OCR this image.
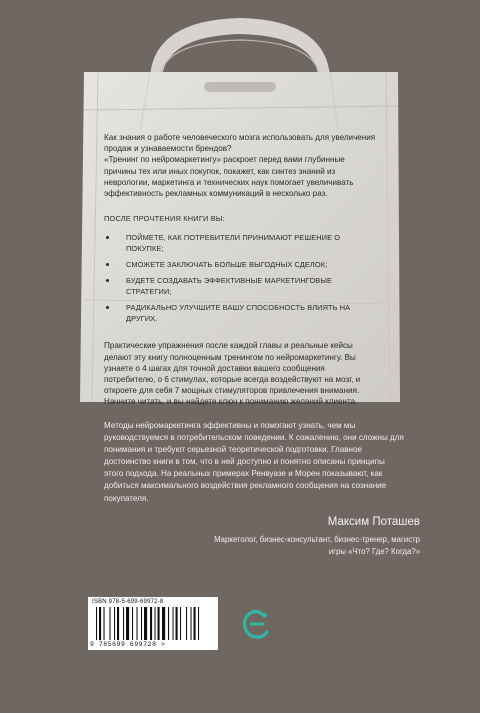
Как знания о работе человеческого мозга использовать для увеличения продаж и узнаваемости брендов?

«Тренинг по нейромаркетингу» раскроет перед вами глубинные причины тех или иных покупок, покажет, как синтез знаний из неврологии, маркетинга и технических наук помогает увеличивать эффективность рекламных коммуникаций в несколько раз.

ПОСЛЕ ПРОЧТЕНИЯ КНИГИ ВЫ:

ПОЙМЕТЕ, КАК ПОТРЕБИТЕЛИ ПРИНИМАЮТ РЕШЕНИЕ О ПОКУПКЕ;
СМОЖЕТЕ ЗАКЛЮЧАТЬ БОЛЬШЕ ВЫГОДНЫХ СДЕЛОК;
БУДЕТЕ СОЗДАВАТЬ ЭФФЕКТИВНЫЕ МАРКЕТИНГОВЫЕ СТРАТЕГИИ;
РАДИКАЛЬНО УЛУЧШИТЕ ВАШУ СПОСОБНОСТЬ ВЛИЯТЬ НА ДРУГИХ.

Практические упражнения после каждой главы и реальные кейсы делают эту книгу полноценным тренингом по нейромаркетингу. Вы узнаете о 4 шагах для точной доставки вашего сообщения потребителю, о 6 стимулах, которые всегда воздействуют на мозг, и откроете для себя 7 мощных стимуляторов привлечения внимания. Начните читать, и вы найдете ключ к пониманию желаний клиента.

Методы нейромаркетинга эффективны и помогают узнать, чем мы руководствуемся в потребительском поведении. К сожалению, они сложны для понимания и требуют серьезной теоретической подготовки. Главное достоинство книги в том, что в ней доступно и понятно описаны принципы этого подхода. На реальных примерах Ренвуазе и Морен показывают, как добиться максимального воздействия рекламного сообщения на сознание покупателя.

Максим Поташев
Маркетолог, бизнес-консультант, бизнес-тренер, магистр игры «Что? Где? Когда?»
ISBN 978-5-699-69972-8
9 785699 699728 >
